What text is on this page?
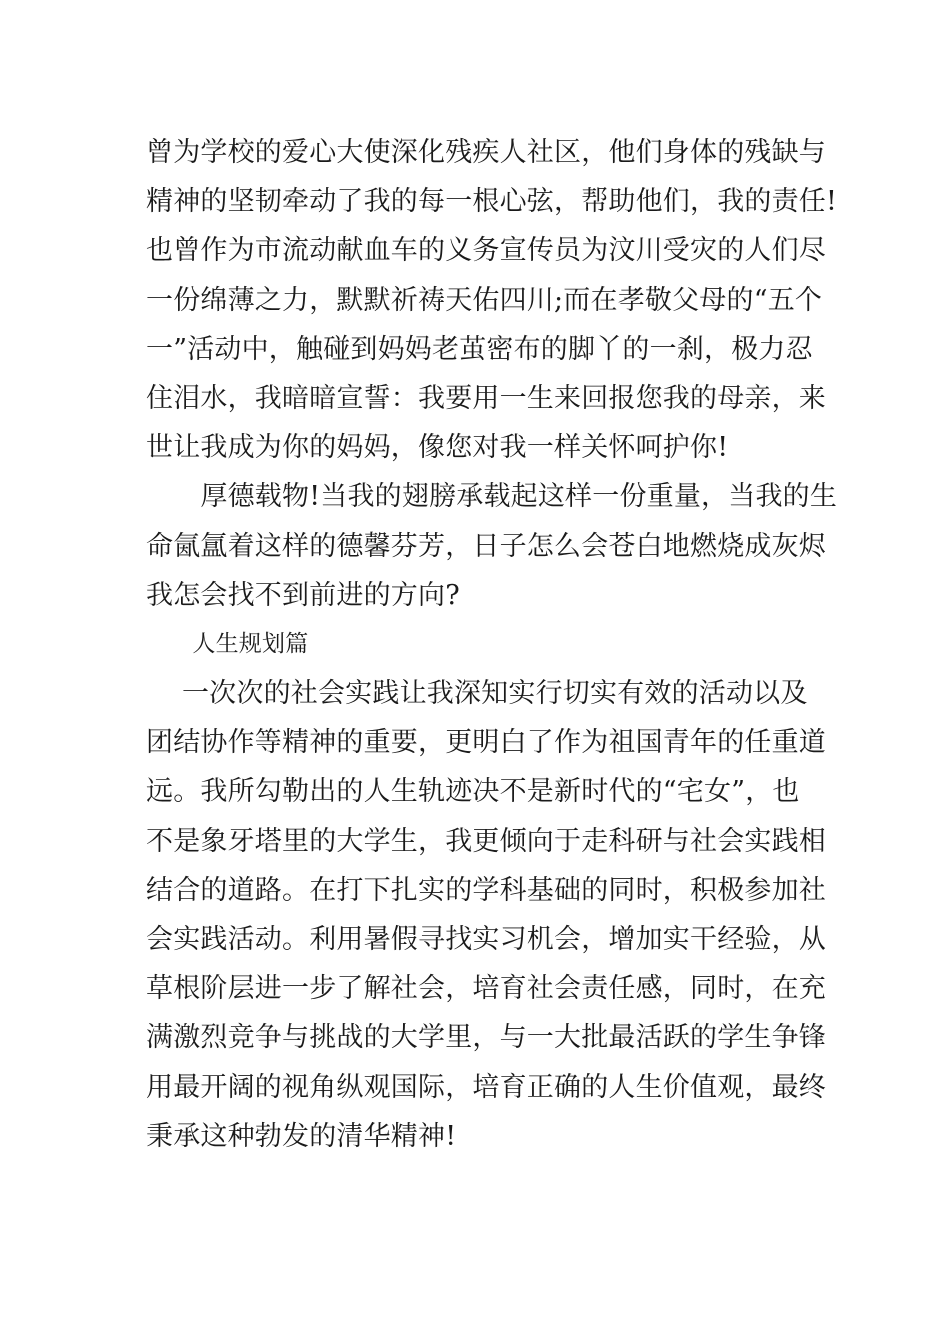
曾为学校的爱心大使深化残疾人社区，他们身体的残缺与
精神的坚韧牵动了我的每一根心弦，帮助他们，我的责任!
也曾作为市流动献血车的义务宣传员为汶川受灾的人们尽
一份绵薄之力，默默祈祷天佑四川;而在孝敬父母的“五个
一”活动中，触碰到妈妈老茧密布的脚丫的一刹，极力忍
住泪水，我暗暗宣誓：我要用一生来回报您我的母亲，来
世让我成为你的妈妈，像您对我一样关怀呵护你!
　　厚德载物!当我的翅膀承载起这样一份重量，当我的生
命氤氲着这样的德馨芬芳，日子怎么会苍白地燃烧成灰烬
我怎会找不到前进的方向?
　　人生规划篇
　 一次次的社会实践让我深知实行切实有效的活动以及
团结协作等精神的重要，更明白了作为祖国青年的任重道
远。我所勾勒出的人生轨迹决不是新时代的“宅女”，也
不是象牙塔里的大学生，我更倾向于走科研与社会实践相
结合的道路。在打下扎实的学科基础的同时，积极参加社
会实践活动。利用暑假寻找实习机会，增加实干经验，从
草根阶层进一步了解社会，培育社会责任感，同时，在充
满激烈竞争与挑战的大学里，与一大批最活跃的学生争锋
用最开阔的视角纵观国际，培育正确的人生价值观，最终
秉承这种勃发的清华精神!
